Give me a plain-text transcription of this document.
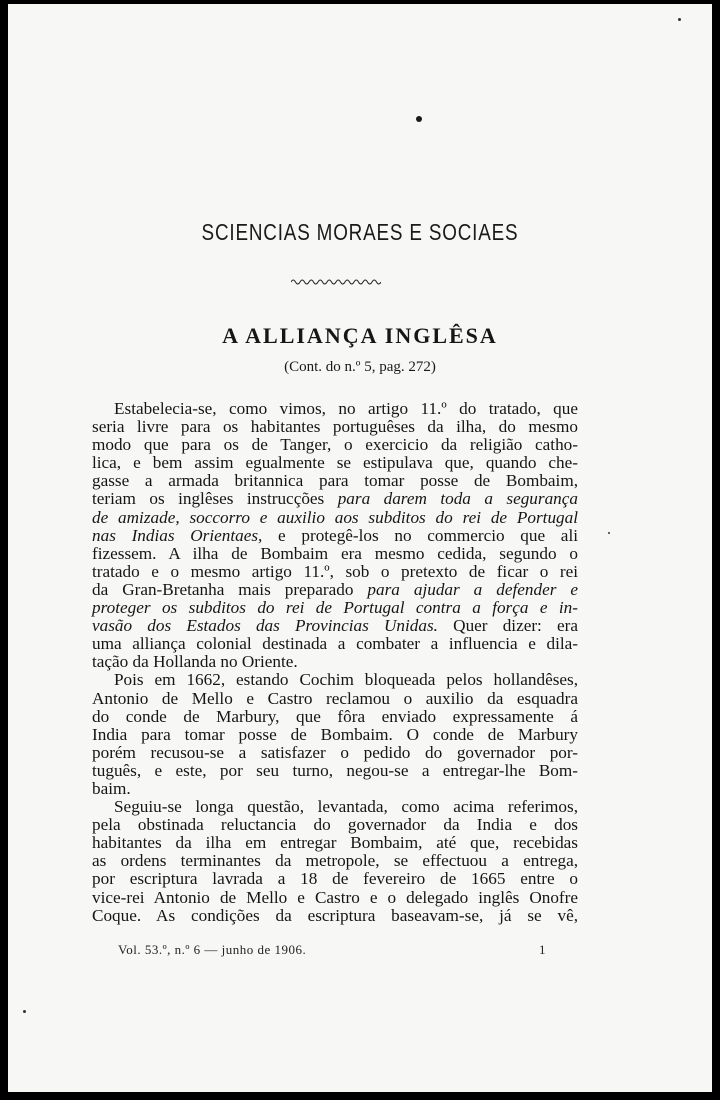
SCIENCIAS MORAES E SOCIAES
A ALLIANÇA INGLÊSA
(Cont. do n.º 5, pag. 272)
Estabelecia-se, como vimos, no artigo 11.º do tratado, que
seria livre para os habitantes portuguêses da ilha, do mesmo
modo que para os de Tanger, o exercicio da religião catho-
lica, e bem assim egualmente se estipulava que, quando che-
gasse a armada britannica para tomar posse de Bombaim,
teriam os inglêses instrucções para darem toda a segurança
de amizade, soccorro e auxilio aos subditos do rei de Portugal
nas Indias Orientaes, e protegê-los no commercio que ali
fizessem. A ilha de Bombaim era mesmo cedida, segundo o
tratado e o mesmo artigo 11.º, sob o pretexto de ficar o rei
da Gran-Bretanha mais preparado para ajudar a defender e
proteger os subditos do rei de Portugal contra a força e in-
vasão dos Estados das Provincias Unidas. Quer dizer: era
uma alliança colonial destinada a combater a influencia e dila-
tação da Hollanda no Oriente.
Pois em 1662, estando Cochim bloqueada pelos hollandêses,
Antonio de Mello e Castro reclamou o auxilio da esquadra
do conde de Marbury, que fôra enviado expressamente á
India para tomar posse de Bombaim. O conde de Marbury
porém recusou-se a satisfazer o pedido do governador por-
tuguês, e este, por seu turno, negou-se a entregar-lhe Bom-
baim.
Seguiu-se longa questão, levantada, como acima referimos,
pela obstinada reluctancia do governador da India e dos
habitantes da ilha em entregar Bombaim, até que, recebidas
as ordens terminantes da metropole, se effectuou a entrega,
por escriptura lavrada a 18 de fevereiro de 1665 entre o
vice-rei Antonio de Mello e Castro e o delegado inglês Onofre
Coque. As condições da escriptura baseavam-se, já se vê,
Vol. 53.º, n.º 6 — junho de 1906.	1
